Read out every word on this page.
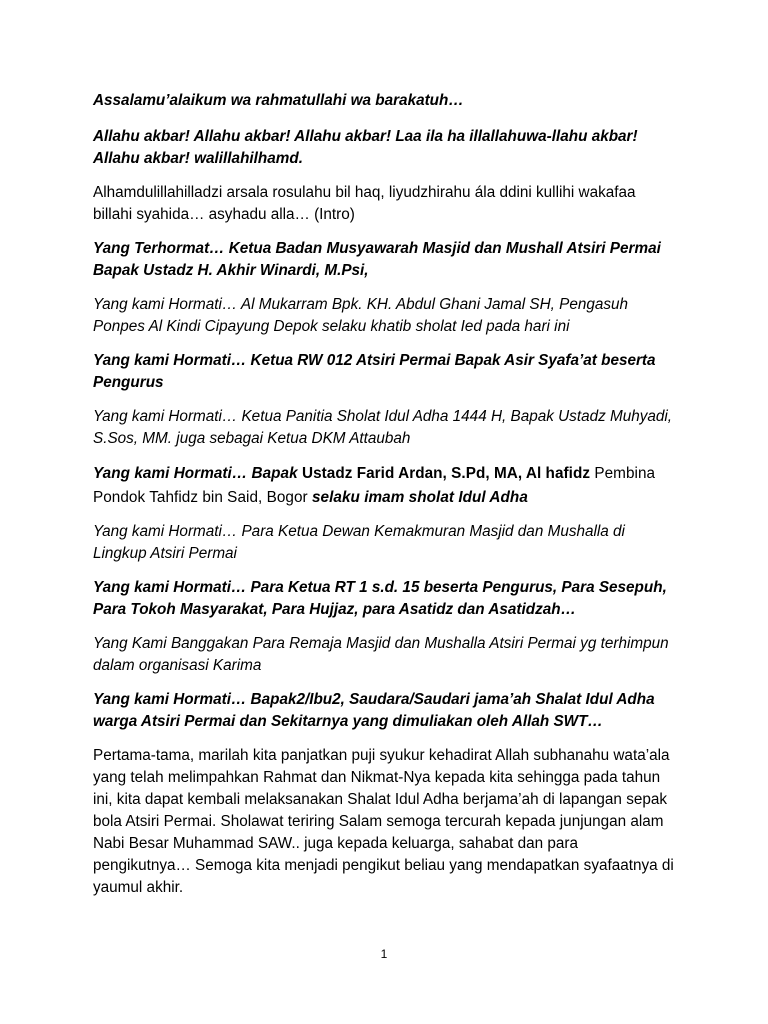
Assalamu’alaikum wa rahmatullahi wa barakatuh…

Allahu akbar! Allahu akbar! Allahu akbar! Laa ila ha illallahuwa-llahu akbar! Allahu akbar! walillahilhamd.

Alhamdulillahilladzi arsala rosulahu bil haq, liyudzhirahu ála ddini kullihi wakafaa billahi syahida… asyhadu alla… (Intro)

Yang Terhormat… Ketua Badan Musyawarah Masjid dan Mushall Atsiri Permai Bapak Ustadz H. Akhir Winardi, M.Psi,

Yang kami Hormati… Al Mukarram Bpk. KH. Abdul Ghani Jamal SH, Pengasuh Ponpes Al Kindi Cipayung Depok selaku khatib sholat Ied pada hari ini

Yang kami Hormati… Ketua RW 012 Atsiri Permai Bapak Asir Syafa’at beserta Pengurus

Yang kami Hormati… Ketua Panitia Sholat Idul Adha 1444 H, Bapak Ustadz Muhyadi, S.Sos, MM. juga sebagai Ketua DKM Attaubah

Yang kami Hormati… Bapak Ustadz Farid Ardan, S.Pd, MA, Al hafidz Pembina Pondok Tahfidz bin Said, Bogor selaku imam sholat Idul Adha

Yang kami Hormati… Para Ketua Dewan Kemakmuran Masjid dan Mushalla di Lingkup Atsiri Permai

Yang kami Hormati… Para Ketua RT 1 s.d. 15 beserta Pengurus, Para Sesepuh, Para Tokoh Masyarakat, Para Hujjaz, para Asatidz dan Asatidzah…

Yang Kami Banggakan Para Remaja Masjid dan Mushalla Atsiri Permai yg terhimpun dalam organisasi Karima

Yang kami Hormati… Bapak2/Ibu2, Saudara/Saudari jama’ah Shalat Idul Adha warga Atsiri Permai dan Sekitarnya yang dimuliakan oleh Allah SWT…

Pertama-tama, marilah kita panjatkan puji syukur kehadirat Allah subhanahu wata’ala yang telah melimpahkan Rahmat dan Nikmat-Nya kepada kita sehingga pada tahun ini, kita dapat kembali melaksanakan Shalat Idul Adha berjama’ah di lapangan sepak bola Atsiri Permai. Sholawat teriring Salam semoga tercurah kepada junjungan alam Nabi Besar Muhammad SAW.. juga kepada keluarga, sahabat dan para pengikutnya… Semoga kita menjadi pengikut beliau yang mendapatkan syafaatnya di yaumul akhir.

1
